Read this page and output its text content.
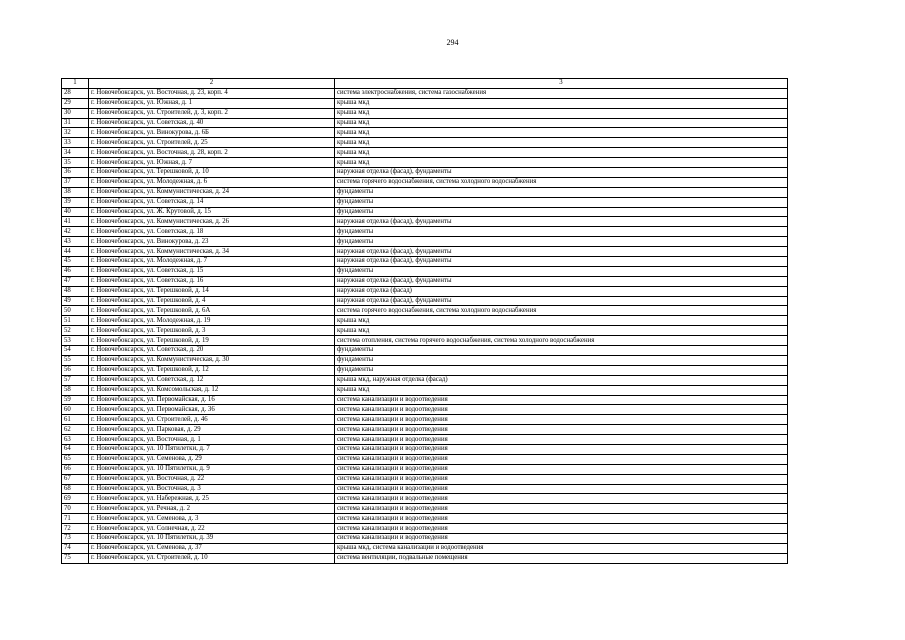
294
1	2	3
28	г. Новочебоксарск, ул. Восточная, д. 23, корп. 4	система электроснабжения, система газоснабжения
29	г. Новочебоксарск, ул. Южная, д. 1	крыша мкд
30	г. Новочебоксарск, ул. Строителей, д. 3, корп. 2	крыша мкд
31	г. Новочебоксарск, ул. Советская, д. 40	крыша мкд
32	г. Новочебоксарск, ул. Винокурова, д. 6Б	крыша мкд
33	г. Новочебоксарск, ул. Строителей, д. 25	крыша мкд
34	г. Новочебоксарск, ул. Восточная, д. 28, корп. 2	крыша мкд
35	г. Новочебоксарск, ул. Южная, д. 7	крыша мкд
36	г. Новочебоксарск, ул. Терешковой, д. 10	наружная отделка (фасад), фундаменты
37	г. Новочебоксарск, ул. Молодежная, д. 6	система горячего водоснабжения, система холодного водоснабжения
38	г. Новочебоксарск, ул. Коммунистическая, д. 24	фундаменты
39	г. Новочебоксарск, ул. Советская, д. 14	фундаменты
40	г. Новочебоксарск, ул. Ж. Крутовой, д. 15	фундаменты
41	г. Новочебоксарск, ул. Коммунистическая, д. 26	наружная отделка (фасад), фундаменты
42	г. Новочебоксарск, ул. Советская, д. 18	фундаменты
43	г. Новочебоксарск, ул. Винокурова, д. 23	фундаменты
44	г. Новочебоксарск, ул. Коммунистическая, д. 34	наружная отделка (фасад), фундаменты
45	г. Новочебоксарск, ул. Молодежная, д. 7	наружная отделка (фасад), фундаменты
46	г. Новочебоксарск, ул. Советская, д. 15	фундаменты
47	г. Новочебоксарск, ул. Советская, д. 16	наружная отделка (фасад), фундаменты
48	г. Новочебоксарск, ул. Терешковой, д. 14	наружная отделка (фасад)
49	г. Новочебоксарск, ул. Терешковой, д. 4	наружная отделка (фасад), фундаменты
50	г. Новочебоксарск, ул. Терешковой, д. 6А	система горячего водоснабжения, система холодного водоснабжения
51	г. Новочебоксарск, ул. Молодежная, д. 19	крыша мкд
52	г. Новочебоксарск, ул. Терешковой, д. 3	крыша мкд
53	г. Новочебоксарск, ул. Терешковой, д. 19	система отопления, система горячего водоснабжения, система холодного водоснабжения
54	г. Новочебоксарск, ул. Советская, д. 20	фундаменты
55	г. Новочебоксарск, ул. Коммунистическая, д. 30	фундаменты
56	г. Новочебоксарск, ул. Терешковой, д. 12	фундаменты
57	г. Новочебоксарск, ул. Советская, д. 12	крыша мкд, наружная отделка (фасад)
58	г. Новочебоксарск, ул. Комсомольская, д. 12	крыша мкд
59	г. Новочебоксарск, ул. Первомайская, д. 16	система канализации и водоотведения
60	г. Новочебоксарск, ул. Первомайская, д. 36	система канализации и водоотведения
61	г. Новочебоксарск, ул. Строителей, д. 46	система канализации и водоотведения
62	г. Новочебоксарск, ул. Парковая, д. 29	система канализации и водоотведения
63	г. Новочебоксарск, ул. Восточная, д. 1	система канализации и водоотведения
64	г. Новочебоксарск, ул. 10 Пятилетки, д. 7	система канализации и водоотведения
65	г. Новочебоксарск, ул. Семенова, д. 29	система канализации и водоотведения
66	г. Новочебоксарск, ул. 10 Пятилетки, д. 9	система канализации и водоотведения
67	г. Новочебоксарск, ул. Восточная, д. 22	система канализации и водоотведения
68	г. Новочебоксарск, ул. Восточная, д. 3	система канализации и водоотведения
69	г. Новочебоксарск, ул. Набережная, д. 25	система канализации и водоотведения
70	г. Новочебоксарск, ул. Речная, д. 2	система канализации и водоотведения
71	г. Новочебоксарск, ул. Семенова, д. 3	система канализации и водоотведения
72	г. Новочебоксарск, ул. Солнечная, д. 22	система канализации и водоотведения
73	г. Новочебоксарск, ул. 10 Пятилетки, д. 39	система канализации и водоотведения
74	г. Новочебоксарск, ул. Семенова, д. 37	крыша мкд, система канализации и водоотведения
75	г. Новочебоксарск, ул. Строителей, д. 10	система вентиляции, подвальные помещения
